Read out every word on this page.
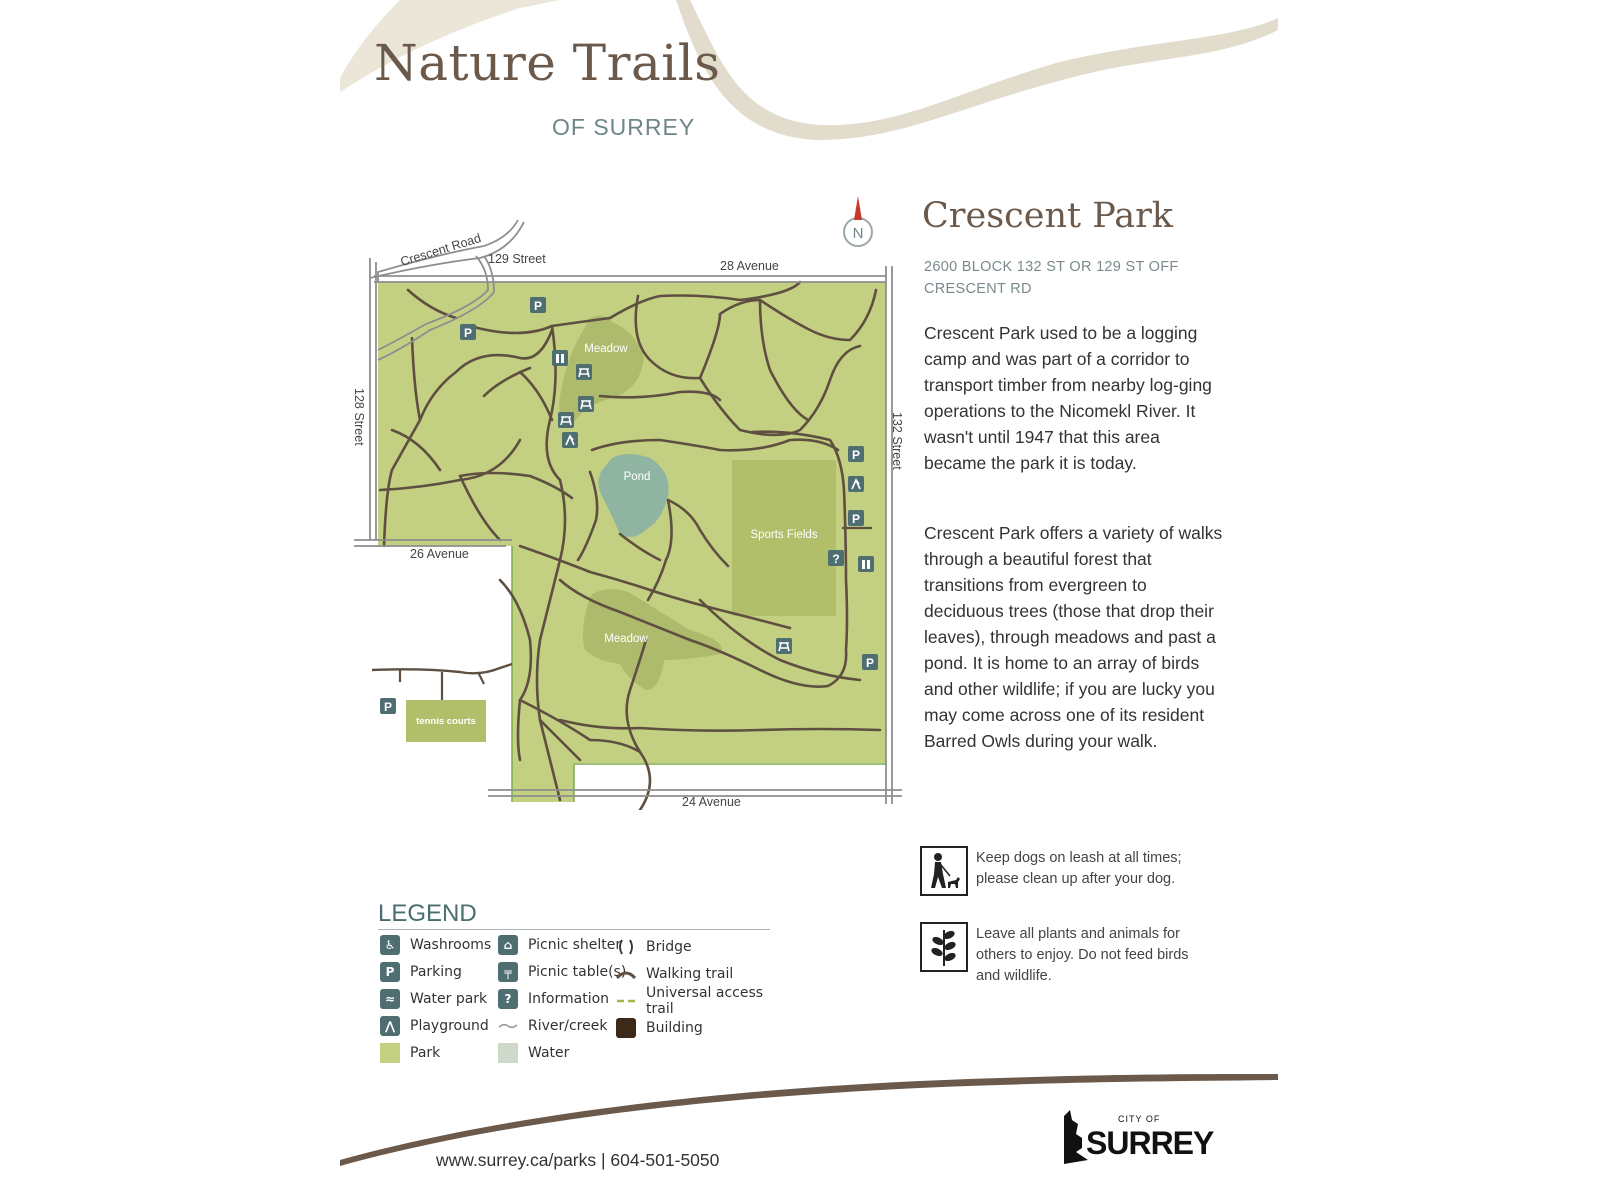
Nature Trails
OF SURREY
N
Crescent Road 129 Street	28 Avenue
128 Street	132 Street
26 Avenue
24 Avenue
Meadow
Pond
Sports Fields
Meadow
tennis courts
P
P
P
P
P
P
?
Crescent Park
2600 BLOCK 132 ST OR 129 ST OFF CRESCENT RD
Crescent Park used to be a logging camp and was part of a corridor to transport timber from nearby log-ging operations to the Nicomekl River. It wasn't until 1947 that this area became the park it is today.
Crescent Park offers a variety of walks through a beautiful forest that transitions from evergreen to deciduous trees (those that drop their leaves), through meadows and past a pond. It is home to an array of birds and other wildlife; if you are lucky you may come across one of its resident Barred Owls during your walk.
Keep dogs on leash at all times; please clean up after your dog.
Leave all plants and animals for others to enjoy. Do not feed birds and wildlife.
LEGEND
♿	Washrooms
P	Parking
≈	Water park
⋀	Playground
Park
⌂	Picnic shelter
╤	Picnic table(s)
?	Information
River/creek
Water
Bridge
Walking trail
Universal access trail
Building
www.surrey.ca/parks | 604-501-5050
CITY OF
SURREY
